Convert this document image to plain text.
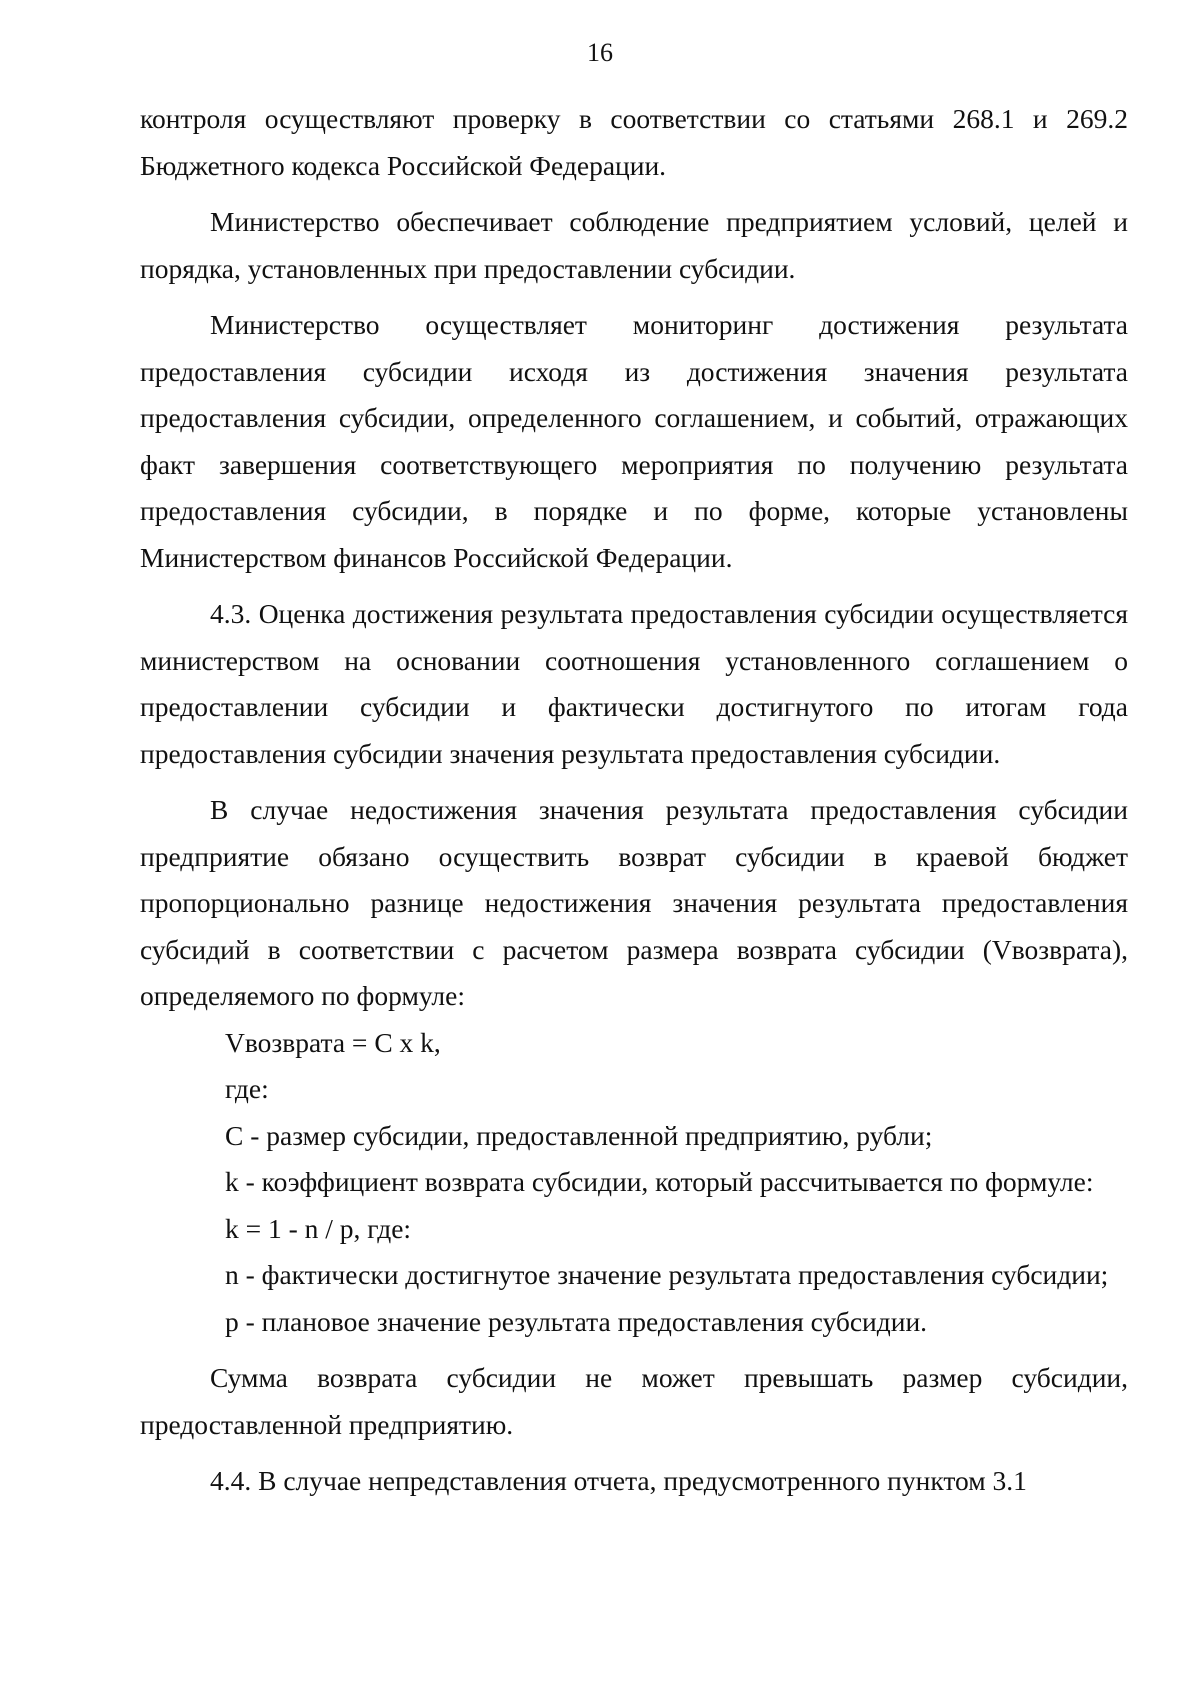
16

контроля осуществляют проверку в соответствии со статьями 268.1 и 269.2 Бюджетного кодекса Российской Федерации.

Министерство обеспечивает соблюдение предприятием условий, целей и порядка, установленных при предоставлении субсидии.

Министерство осуществляет мониторинг достижения результата предоставления субсидии исходя из достижения значения результата предоставления субсидии, определенного соглашением, и событий, отражающих факт завершения соответствующего мероприятия по получению результата предоставления субсидии, в порядке и по форме, которые установлены Министерством финансов Российской Федерации.

4.3. Оценка достижения результата предоставления субсидии осуществляется министерством на основании соотношения установленного соглашением о предоставлении субсидии и фактически достигнутого по итогам года предоставления субсидии значения результата предоставления субсидии.

В случае недостижения значения результата предоставления субсидии предприятие обязано осуществить возврат субсидии в краевой бюджет пропорционально разнице недостижения значения результата предоставления субсидий в соответствии с расчетом размера возврата субсидии (Vвозврата), определяемого по формуле:

Vвозврата = C x k,

где:

C - размер субсидии, предоставленной предприятию, рубли;

k - коэффициент возврата субсидии, который рассчитывается по формуле:

k = 1 - n / p, где:

n - фактически достигнутое значение результата предоставления субсидии;

p - плановое значение результата предоставления субсидии.

Сумма возврата субсидии не может превышать размер субсидии, предоставленной предприятию.

4.4. В случае непредставления отчета, предусмотренного пунктом 3.1
